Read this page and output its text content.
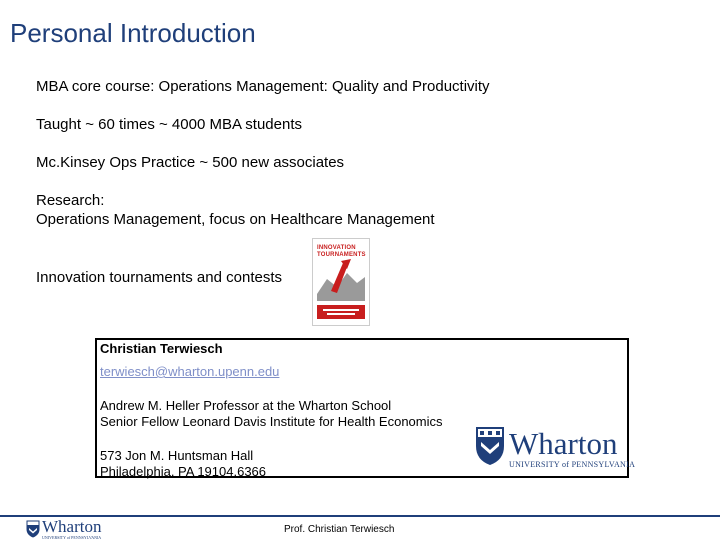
Personal Introduction
MBA core course: Operations Management: Quality and Productivity
Taught ~ 60 times ~ 4000 MBA students
Mc.Kinsey Ops Practice ~ 500 new associates
Research:
Operations Management, focus on Healthcare Management
Innovation tournaments and contests
INNOVATION TOURNAMENTS
Christian Terwiesch
terwiesch@wharton.upenn.edu
Andrew M. Heller Professor at the Wharton School
Senior Fellow Leonard Davis Institute for Health Economics
573 Jon M. Huntsman Hall
Philadelphia, PA 19104.6366
Wharton
UNIVERSITY of PENNSYLVANIA
Wharton
UNIVERSITY of PENNSYLVANIA
Prof. Christian Terwiesch
